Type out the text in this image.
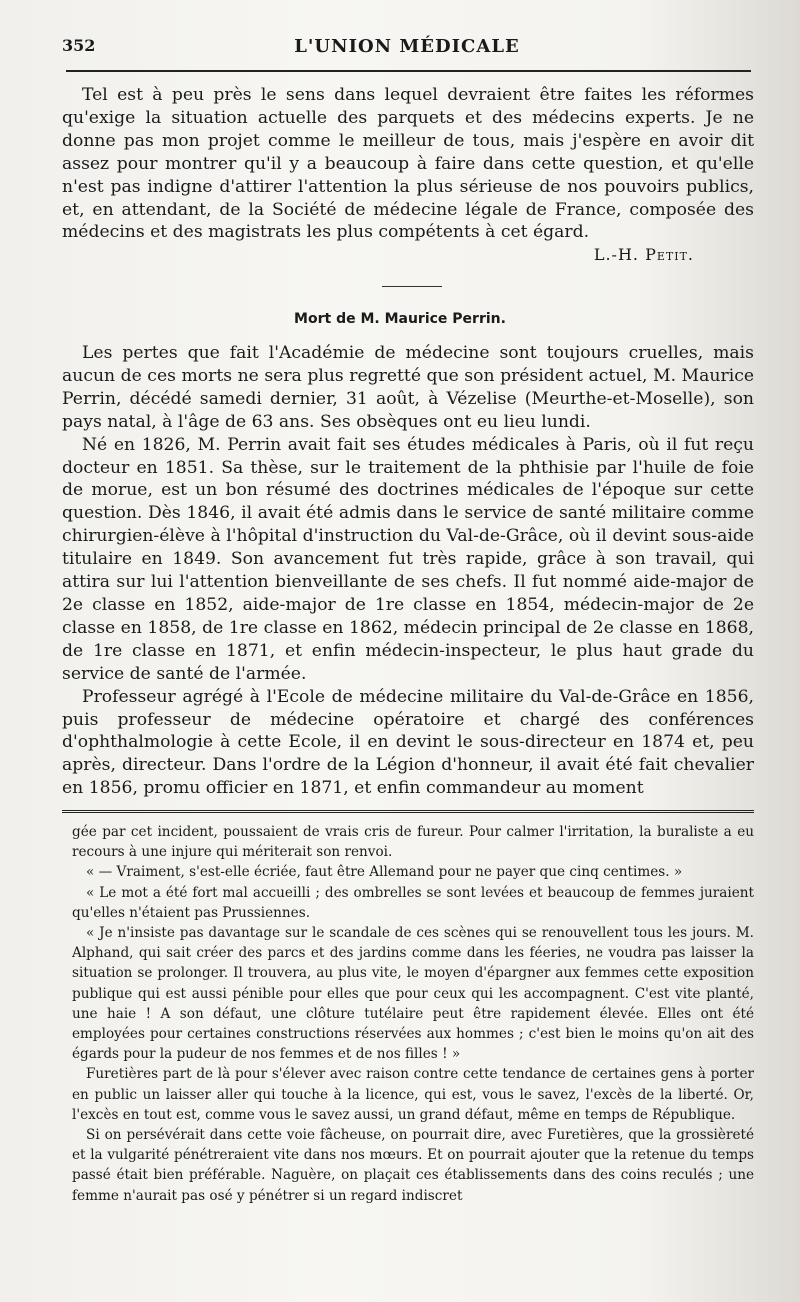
L'UNION MÉDICALE
352

Tel est à peu près le sens dans lequel devraient être faites les réformes qu'exige la situation actuelle des parquets et des médecins experts. Je ne donne pas mon projet comme le meilleur de tous, mais j'espère en avoir dit assez pour montrer qu'il y a beaucoup à faire dans cette question, et qu'elle n'est pas indigne d'attirer l'attention la plus sérieuse de nos pouvoirs publics, et, en attendant, de la Société de médecine légale de France, composée des médecins et des magistrats les plus compétents à cet égard.

L.-H. Petit.
Mort de M. Maurice Perrin.

Les pertes que fait l'Académie de médecine sont toujours cruelles, mais aucun de ces morts ne sera plus regretté que son président actuel, M. Maurice Perrin, décédé samedi dernier, 31 août, à Vézelise (Meurthe-et-Moselle), son pays natal, à l'âge de 63 ans. Ses obsèques ont eu lieu lundi.

Né en 1826, M. Perrin avait fait ses études médicales à Paris, où il fut reçu docteur en 1851. Sa thèse, sur le traitement de la phthisie par l'huile de foie de morue, est un bon résumé des doctrines médicales de l'époque sur cette question. Dès 1846, il avait été admis dans le service de santé militaire comme chirurgien-élève à l'hôpital d'instruction du Val-de-Grâce, où il devint sous-aide titulaire en 1849. Son avancement fut très rapide, grâce à son travail, qui attira sur lui l'attention bienveillante de ses chefs. Il fut nommé aide-major de 2e classe en 1852, aide-major de 1re classe en 1854, médecin-major de 2e classe en 1858, de 1re classe en 1862, médecin principal de 2e classe en 1868, de 1re classe en 1871, et enfin médecin-inspecteur, le plus haut grade du service de santé de l'armée.

Professeur agrégé à l'Ecole de médecine militaire du Val-de-Grâce en 1856, puis professeur de médecine opératoire et chargé des conférences d'ophthalmologie à cette Ecole, il en devint le sous-directeur en 1874 et, peu après, directeur. Dans l'ordre de la Légion d'honneur, il avait été fait chevalier en 1856, promu officier en 1871, et enfin commandeur au moment

gée par cet incident, poussaient de vrais cris de fureur. Pour calmer l'irritation, la buraliste a eu recours à une injure qui mériterait son renvoi.

« — Vraiment, s'est-elle écriée, faut être Allemand pour ne payer que cinq centimes. »

« Le mot a été fort mal accueilli ; des ombrelles se sont levées et beaucoup de femmes juraient qu'elles n'étaient pas Prussiennes.

« Je n'insiste pas davantage sur le scandale de ces scènes qui se renouvellent tous les jours. M. Alphand, qui sait créer des parcs et des jardins comme dans les féeries, ne voudra pas laisser la situation se prolonger. Il trouvera, au plus vite, le moyen d'épargner aux femmes cette exposition publique qui est aussi pénible pour elles que pour ceux qui les accompagnent. C'est vite planté, une haie ! A son défaut, une clôture tutélaire peut être rapidement élevée. Elles ont été employées pour certaines constructions réservées aux hommes ; c'est bien le moins qu'on ait des égards pour la pudeur de nos femmes et de nos filles ! »

Furetières part de là pour s'élever avec raison contre cette tendance de certaines gens à porter en public un laisser aller qui touche à la licence, qui est, vous le savez, l'excès de la liberté. Or, l'excès en tout est, comme vous le savez aussi, un grand défaut, même en temps de République.

Si on persévérait dans cette voie fâcheuse, on pourrait dire, avec Furetières, que la grossièreté et la vulgarité pénétreraient vite dans nos mœurs. Et on pourrait ajouter que la retenue du temps passé était bien préférable. Naguère, on plaçait ces établissements dans des coins reculés ; une femme n'aurait pas osé y pénétrer si un regard indiscret
